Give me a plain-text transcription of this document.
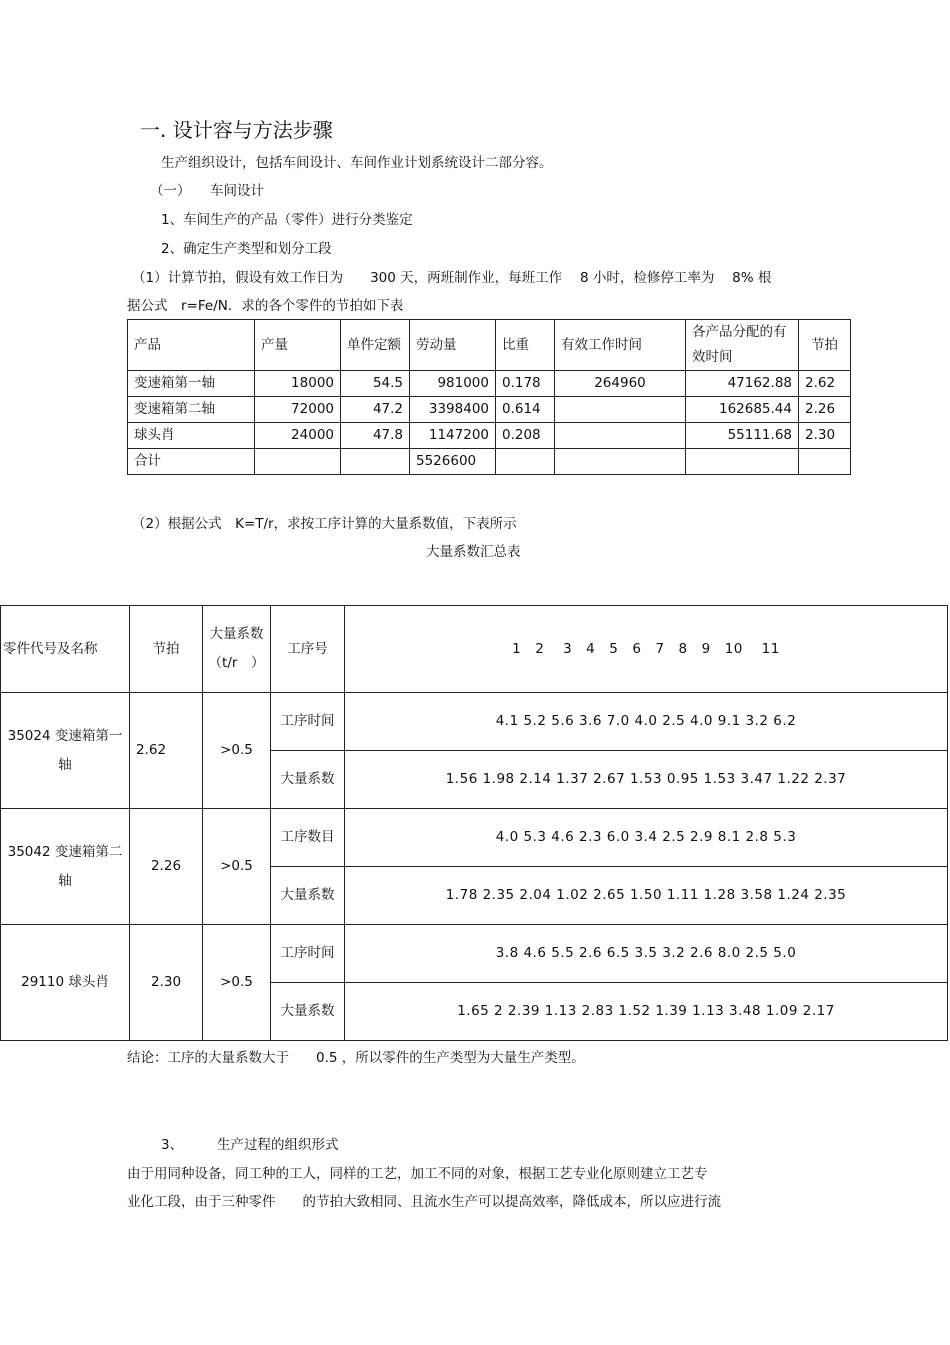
一. 设计容与方法步骤
生产组织设计，包括车间设计、车间作业计划系统设计二部分容。
（一） 车间设计
1、车间生产的产品（零件）进行分类鉴定
2、确定生产类型和划分工段
（1）计算节拍，假设有效工作日为　　300 天，两班制作业，每班工作　 8 小时，检修停工率为　 8% 根
据公式　r=Fe/N．求的各个零件的节拍如下表
产品	产量	单件定额	劳动量	比重	有效工作时间	各产品分配的有效时间	节拍
变速箱第一轴	18000	54.5	981000	0.178	264960	47162.88	2.62
变速箱第二轴	72000	47.2	3398400	0.614		162685.44	2.26
球头肖	24000	47.8	1147200	0.208		55111.68	2.30
合计			5526600				
（2）根据公式　K=T/r，求按工序计算的大量系数值，下表所示
大量系数汇总表
零件代号及名称	节拍	大量系数（t/r　）	工序号	1　2　 3　4　5　6　7　8　9　10　 11
35024 变速箱第一轴	2.62	>0.5	工序时间	4.1 5.2 5.6 3.6 7.0 4.0 2.5 4.0 9.1 3.2 6.2
			大量系数	1.56 1.98 2.14 1.37 2.67 1.53 0.95 1.53 3.47 1.22 2.37
35042 变速箱第二轴	2.26	>0.5	工序数目	4.0 5.3 4.6 2.3 6.0 3.4 2.5 2.9 8.1 2.8 5.3
			大量系数	1.78 2.35 2.04 1.02 2.65 1.50 1.11 1.28 3.58 1.24 2.35
29110 球头肖	2.30	>0.5	工序时间	3.8 4.6 5.5 2.6 6.5 3.5 3.2 2.6 8.0 2.5 5.0
			大量系数	1.65 2 2.39 1.13 2.83 1.52 1.39 1.13 3.48 1.09 2.17
结论：工序的大量系数大于　　0.5 ，所以零件的生产类型为大量生产类型。
3、	生产过程的组织形式
由于用同种设备，同工种的工人，同样的工艺，加工不同的对象，根据工艺专业化原则建立工艺专
业化工段，由于三种零件　　的节拍大致相同、且流水生产可以提高效率，降低成本，所以应进行流
